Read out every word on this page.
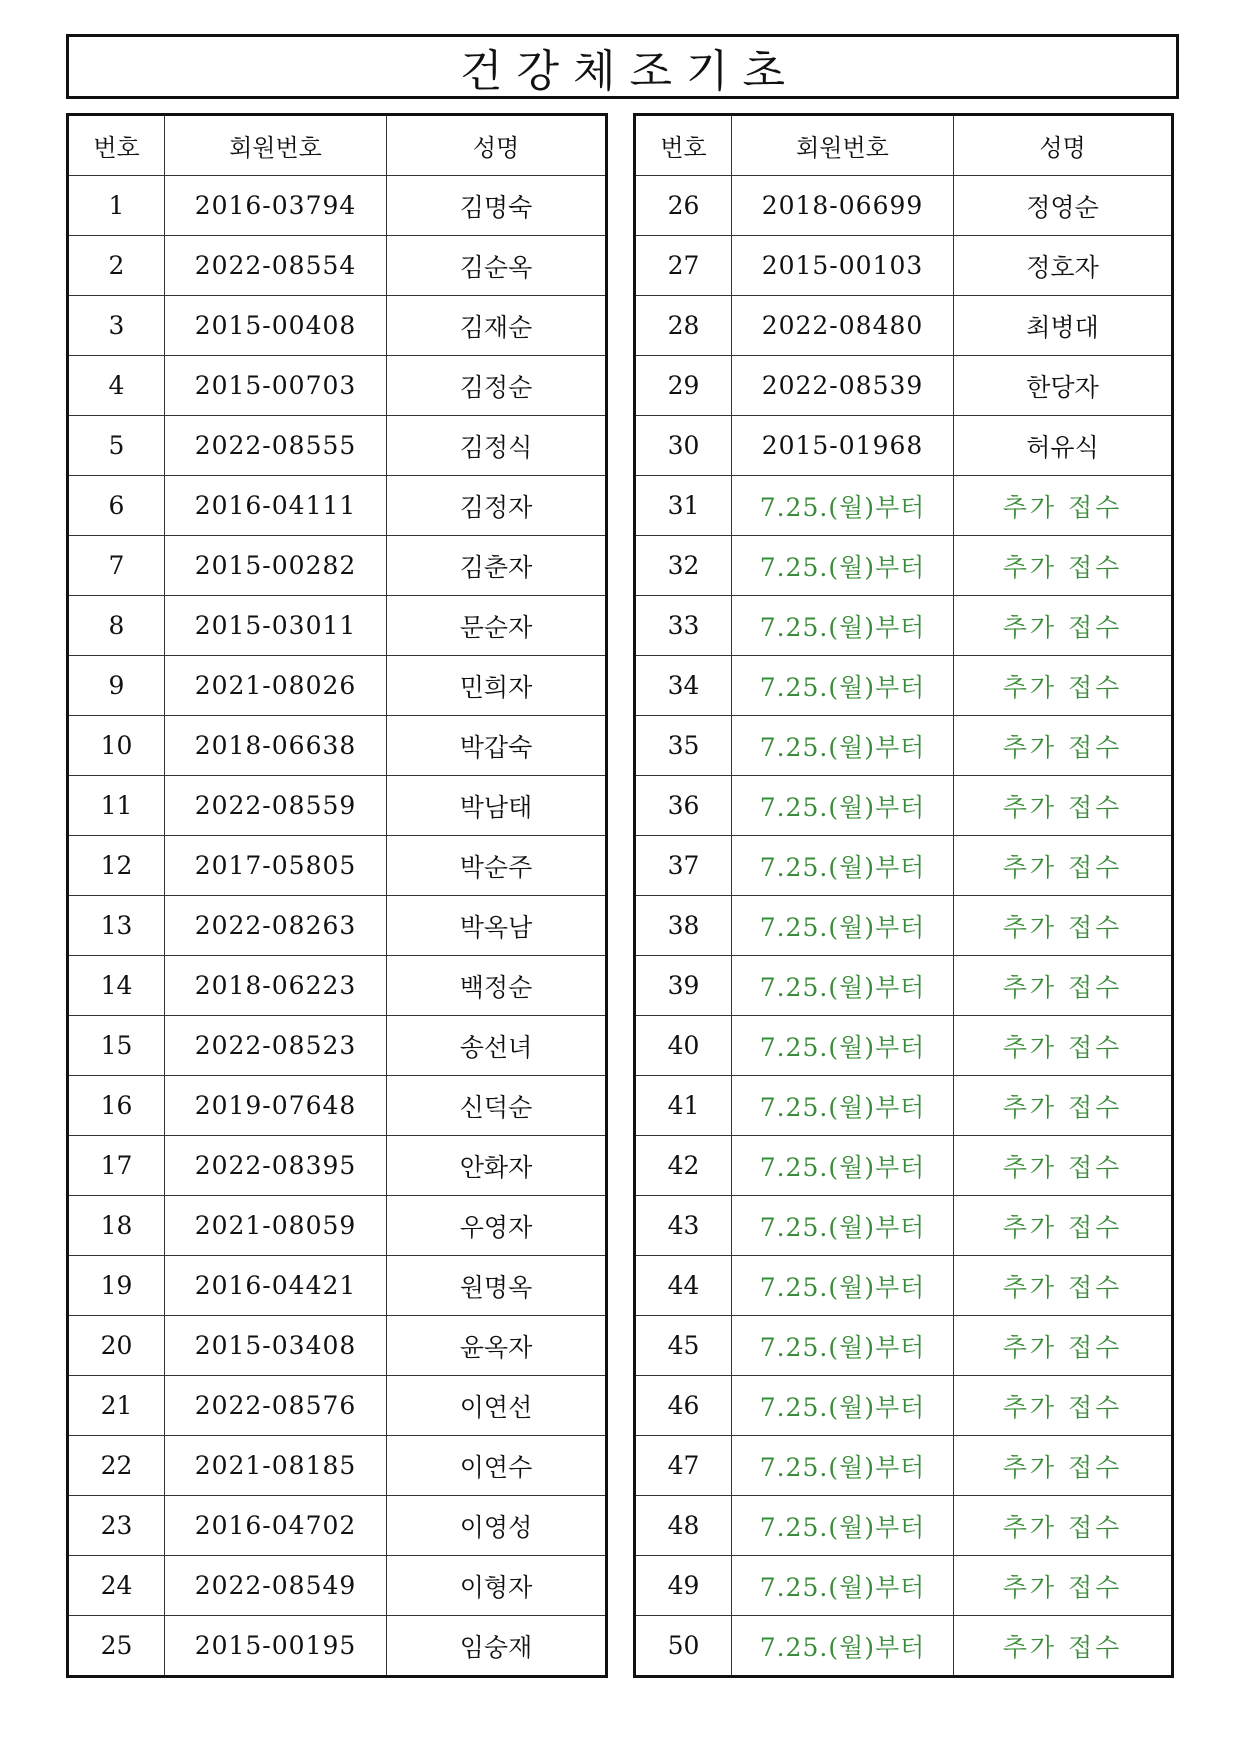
건강체조기초
번호	회원번호	성명
1	2016-03794	김명숙
2	2022-08554	김순옥
3	2015-00408	김재순
4	2015-00703	김정순
5	2022-08555	김정식
6	2016-04111	김정자
7	2015-00282	김춘자
8	2015-03011	문순자
9	2021-08026	민희자
10	2018-06638	박갑숙
11	2022-08559	박남태
12	2017-05805	박순주
13	2022-08263	박옥남
14	2018-06223	백정순
15	2022-08523	송선녀
16	2019-07648	신덕순
17	2022-08395	안화자
18	2021-08059	우영자
19	2016-04421	원명옥
20	2015-03408	윤옥자
21	2022-08576	이연선
22	2021-08185	이연수
23	2016-04702	이영성
24	2022-08549	이형자
25	2015-00195	임숭재
번호	회원번호	성명
26	2018-06699	정영순
27	2015-00103	정호자
28	2022-08480	최병대
29	2022-08539	한당자
30	2015-01968	허유식
31	7.25.(월)부터	추가 접수
32	7.25.(월)부터	추가 접수
33	7.25.(월)부터	추가 접수
34	7.25.(월)부터	추가 접수
35	7.25.(월)부터	추가 접수
36	7.25.(월)부터	추가 접수
37	7.25.(월)부터	추가 접수
38	7.25.(월)부터	추가 접수
39	7.25.(월)부터	추가 접수
40	7.25.(월)부터	추가 접수
41	7.25.(월)부터	추가 접수
42	7.25.(월)부터	추가 접수
43	7.25.(월)부터	추가 접수
44	7.25.(월)부터	추가 접수
45	7.25.(월)부터	추가 접수
46	7.25.(월)부터	추가 접수
47	7.25.(월)부터	추가 접수
48	7.25.(월)부터	추가 접수
49	7.25.(월)부터	추가 접수
50	7.25.(월)부터	추가 접수
